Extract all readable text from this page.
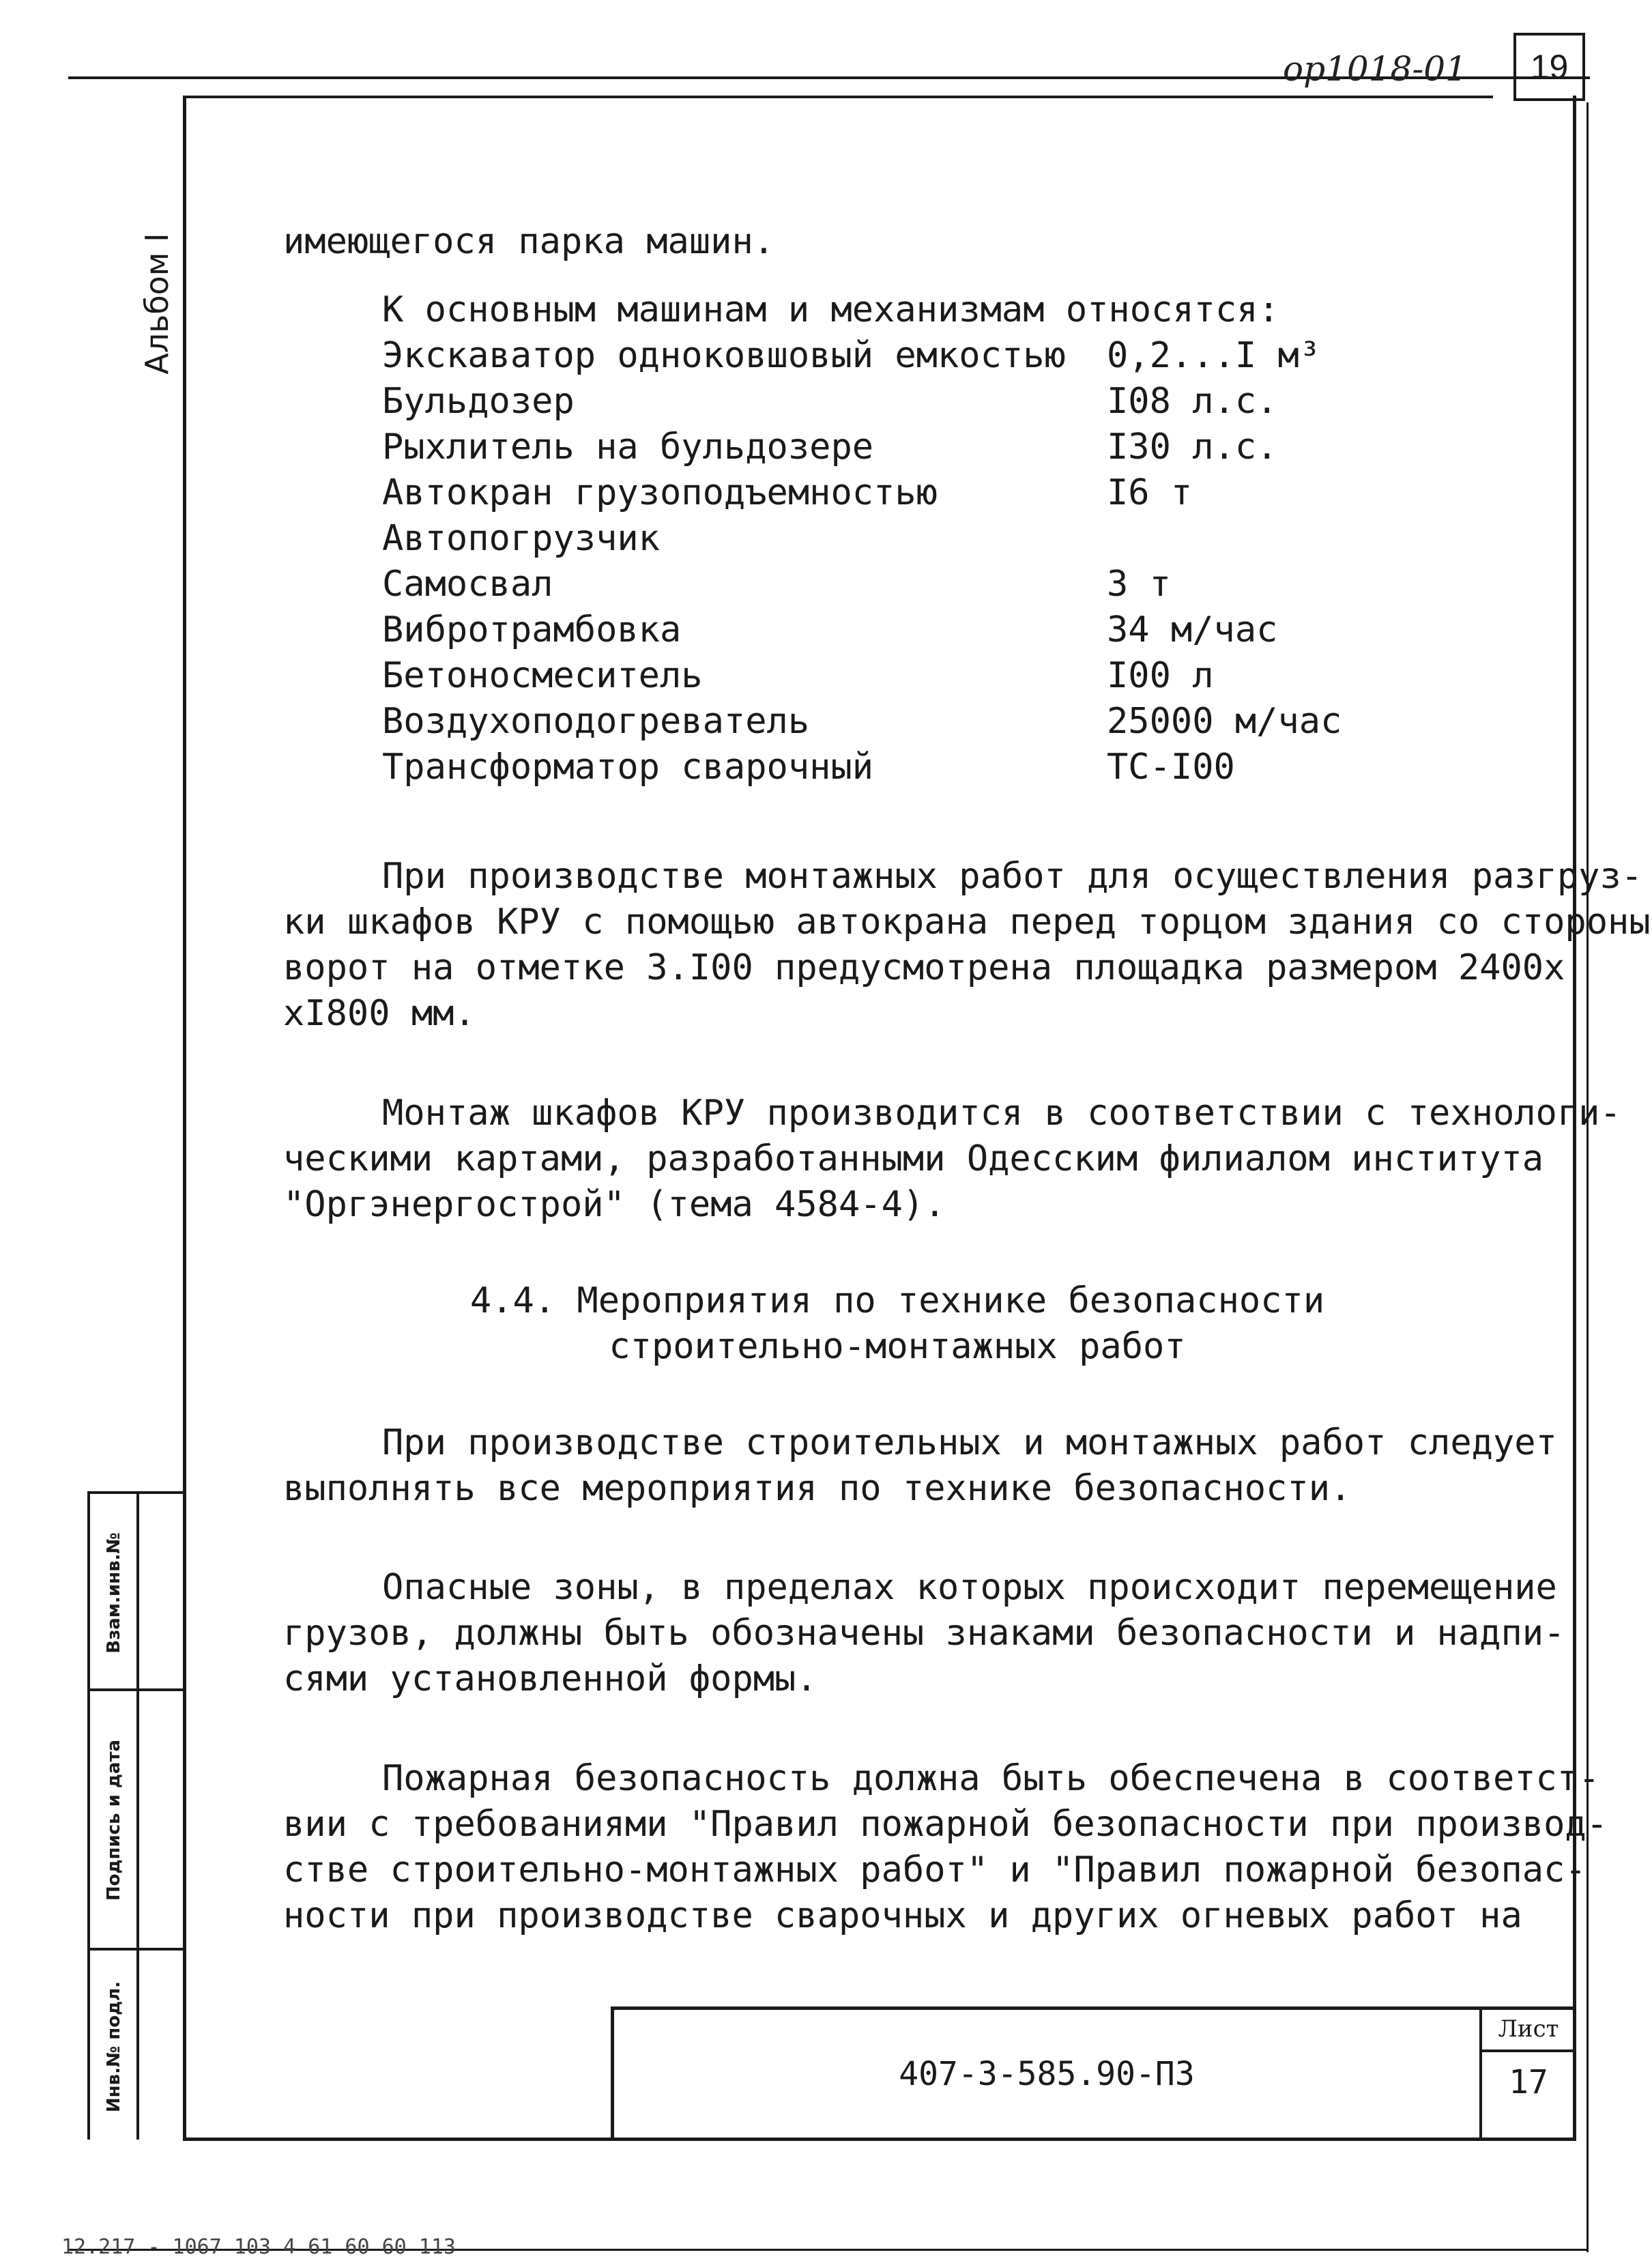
ор1018-01	19
Альбом I
Взам.инв.№
Подпись и дата
Инв.№ подл.
имеющегося парка машин.
К основным машинам и механизмам относятся:
Экскаватор одноковшовый емкостью 0,2...I м³
Бульдозер	I08 л.с.
Рыхлитель на бульдозере	I30 л.с.
Автокран грузоподъемностью	I6 т
Автопогрузчик
Самосвал	3 т
Вибротрамбовка	34 м/час
Бетоносмеситель	I00 л
Воздухоподогреватель	25000 м/час
Трансформатор сварочный	ТС-I00
При производстве монтажных работ для осуществления разгруз-
ки шкафов КРУ с помощью автокрана перед торцом здания со стороны
ворот на отметке 3.I00 предусмотрена площадка размером 2400х
хI800 мм.
Монтаж шкафов КРУ производится в соответствии с технологи-
ческими картами, разработанными Одесским филиалом института
"Оргэнергострой" (тема 4584-4).
4.4. Мероприятия по технике безопасности
строительно-монтажных работ
При производстве строительных и монтажных работ следует
выполнять все мероприятия по технике безопасности.
Опасные зоны, в пределах которых происходит перемещение
грузов, должны быть обозначены знаками безопасности и надпи-
сями установленной формы.
Пожарная безопасность должна быть обеспечена в соответст-
вии с требованиями "Правил пожарной безопасности при производ-
стве строительно-монтажных работ" и "Правил пожарной безопас-
ности при производстве сварочных и других огневых работ на
407-3-585.90-ПЗ
Лист
17
12.217 - 1067 103 4 61 60 60 113
